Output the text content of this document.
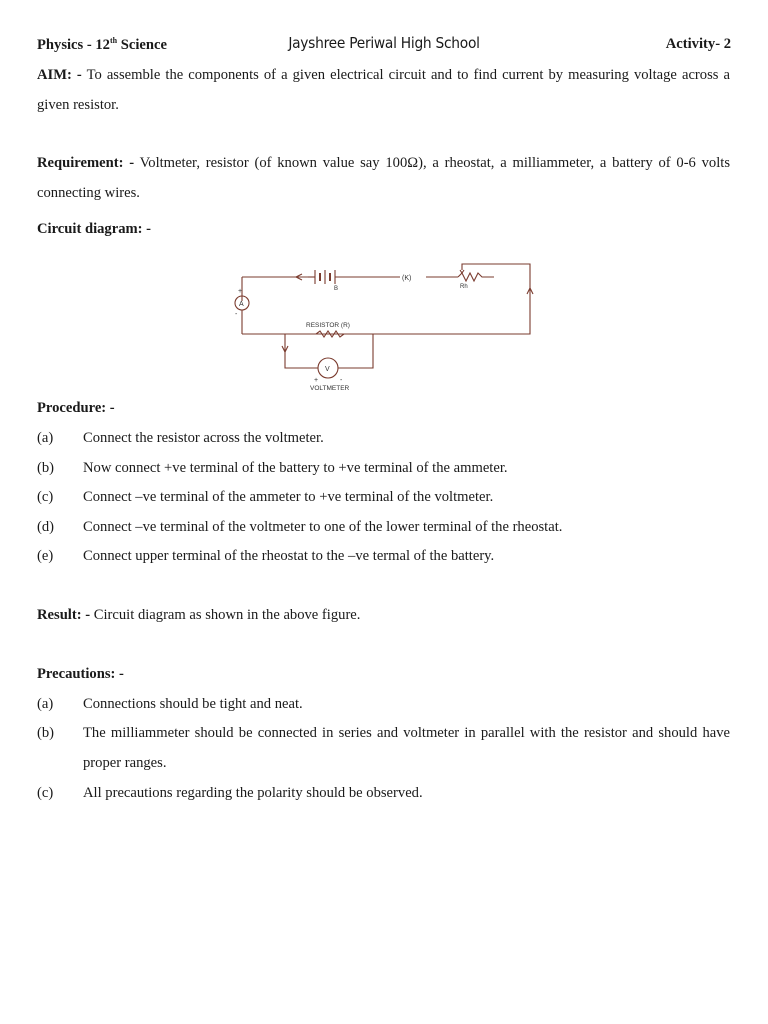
Physics - 12th Science	Jayshree Periwal High School	Activity- 2
AIM: - To assemble the components of a given electrical circuit and to find current by measuring voltage across a given resistor.
Requirement: - Voltmeter, resistor (of known value say 100Ω), a rheostat, a milliammeter, a battery of 0-6 volts connecting wires.
Circuit diagram: -
B
(K)
Rh
A
+
-
RESISTOR (R)
V
+	-
VOLTMETER
Procedure: -
(a) Connect the resistor across the voltmeter.
(b) Now connect +ve terminal of the battery to +ve terminal of the ammeter.
(c) Connect –ve terminal of the ammeter to +ve terminal of the voltmeter.
(d) Connect –ve terminal of the voltmeter to one of the lower terminal of the rheostat.
(e) Connect upper terminal of the rheostat to the –ve termal of the battery.
Result: - Circuit diagram as shown in the above figure.
Precautions: -
(a) Connections should be tight and neat.
(b) The milliammeter should be connected in series and voltmeter in parallel with the resistor and should have proper ranges.
(c) All precautions regarding the polarity should be observed.
